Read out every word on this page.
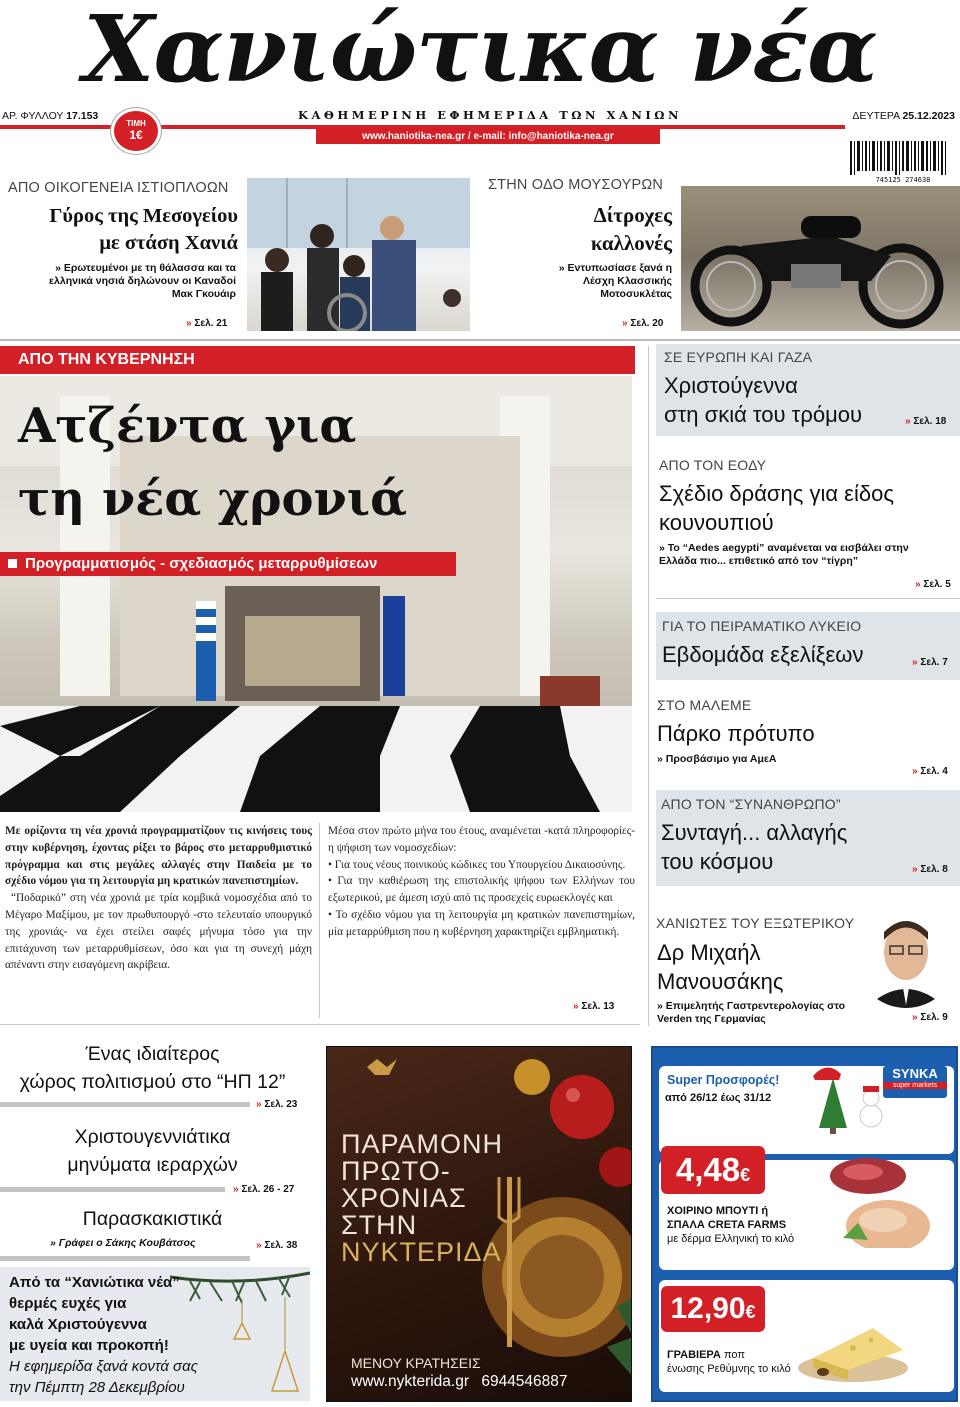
Χανιώτικα νέα
ΑΡ. ΦΥΛΛΟΥ 17.153
ΤΙΜΗ
1€
ΚΑΘΗΜΕΡΙΝΗ ΕΦΗΜΕΡΙΔΑ ΤΩΝ ΧΑΝΙΩΝ	ΔΕΥΤΕΡΑ 25.12.2023
www.haniotika-nea.gr / e-mail: info@haniotika-nea.gr
745125 274638
ΑΠΟ ΟΙΚΟΓΕΝΕΙΑ ΙΣΤΙΟΠΛΟΩΝ
Γύρος της Μεσογείου
με στάση Χανιά
» Ερωτευμένοι με τη θάλασσα και τα ελληνικά νησιά δηλώνουν οι Καναδοί Μακ Γκουάιρ
» Σελ. 21
ΣΤΗΝ ΟΔΟ ΜΟΥΣΟΥΡΩΝ
Δίτροχες
καλλονές
» Εντυπωσίασε ξανά η Λέσχη Κλασσικής Μοτοσυκλέτας
» Σελ. 20
ΑΠΟ ΤΗΝ ΚΥΒΕΡΝΗΣΗ
Ατζέντα για
τη νέα χρονιά
Προγραμματισμός - σχεδιασμός μεταρρυθμίσεων

Με ορίζοντα τη νέα χρονιά προγραμματίζουν τις κινήσεις τους στην κυβέρνηση, έχοντας ρίξει το βάρος στο μεταρρυθμιστικό πρόγραμμα και στις μεγάλες αλλαγές στην Παιδεία με το σχέδιο νόμου για τη λειτουργία μη κρατικών πανεπιστημίων.

“Ποδαρικό” στη νέα χρονιά με τρία κομβικά νομοσχέδια από το Μέγαρο Μαξίμου, με τον πρωθυπουργό -στο τελευταίο υπουργικό της χρονιάς- να έχει στείλει σαφές μήνυμα τόσο για την επιτάχυνση των μεταρρυθμίσεων, όσο και για τη συνεχή μάχη απέναντι στην εισαγόμενη ακρίβεια.

Μέσα στον πρώτο μήνα του έτους, αναμένεται -κατά πληροφορίες- η ψήφιση των νομοσχεδίων:

• Για τους νέους ποινικούς κώδικες του Υπουργείου Δικαιοσύνης.

• Για την καθιέρωση της επιστολικής ψήφου των Ελλήνων του εξωτερικού, με άμεση ισχύ από τις προσεχείς ευρωεκλογές και

• Το σχέδιο νόμου για τη λειτουργία μη κρατικών πανεπιστημίων, μία μεταρρύθμιση που η κυβέρνηση χαρακτηρίζει εμβληματική.

» Σελ. 13
ΣΕ ΕΥΡΩΠΗ ΚΑΙ ΓΑΖΑ
Χριστούγεννα
στη σκιά του τρόμου	» Σελ. 18
ΑΠΟ ΤΟΝ ΕΟΔΥ
Σχέδιο δράσης για είδος
κουνουπιού
» Το “Aedes aegypti” αναμένεται να εισβάλει στην Ελλάδα πιο... επιθετικό από τον “τίγρη”
» Σελ. 5
ΓΙΑ ΤΟ ΠΕΙΡΑΜΑΤΙΚΟ ΛΥΚΕΙΟ
Εβδομάδα εξελίξεων	» Σελ. 7
ΣΤΟ ΜΑΛΕΜΕ
Πάρκο πρότυπο
» Προσβάσιμο για ΑμεΑ
» Σελ. 4
ΑΠΟ ΤΟΝ “ΣΥΝΑΝΘΡΩΠΟ”
Συνταγή... αλλαγής
του κόσμου	» Σελ. 8
ΧΑΝΙΩΤΕΣ ΤΟΥ ΕΞΩΤΕΡΙΚΟΥ
Δρ Μιχαήλ
Μανουσάκης
» Επιμελητής Γαστρεντερολογίας στο Verden της Γερμανίας	» Σελ. 9
Ένας ιδιαίτερος
χώρος πολιτισμού στο “ΗΠ 12”
» Σελ. 23
Χριστουγεννιάτικα
μηνύματα ιεραρχών
» Σελ. 26 - 27
Παρασκακιστικά
» Γράφει ο Σάκης Κουβάτσος	» Σελ. 38
Από τα “Χανιώτικα νέα”
θερμές ευχές για
καλά Χριστούγεννα
με υγεία και προκοπή!
Η εφημερίδα ξανά κοντά σας
την Πέμπτη 28 Δεκεμβρίου
ΠΑΡΑΜΟΝΗ
ΠΡΩΤΟ-
ΧΡΟΝΙΑΣ
ΣΤΗΝ
ΝΥΚΤΕΡΙΔΑ
ΜΕΝΟΥ ΚΡΑΤΗΣΕΙΣ
www.nykterida.gr 6944546887
Super Προσφορές!
από 26/12 έως 31/12
SYNKA
super markets
4,48€
ΧΟΙΡΙΝΟ ΜΠΟΥΤΙ ή
ΣΠΑΛΑ CRETA FARMS
με δέρμα Ελληνική το κιλό
12,90€
ΓΡΑΒΙΕΡΑ ποπ
ένωσης Ρεθύμνης το κιλό
